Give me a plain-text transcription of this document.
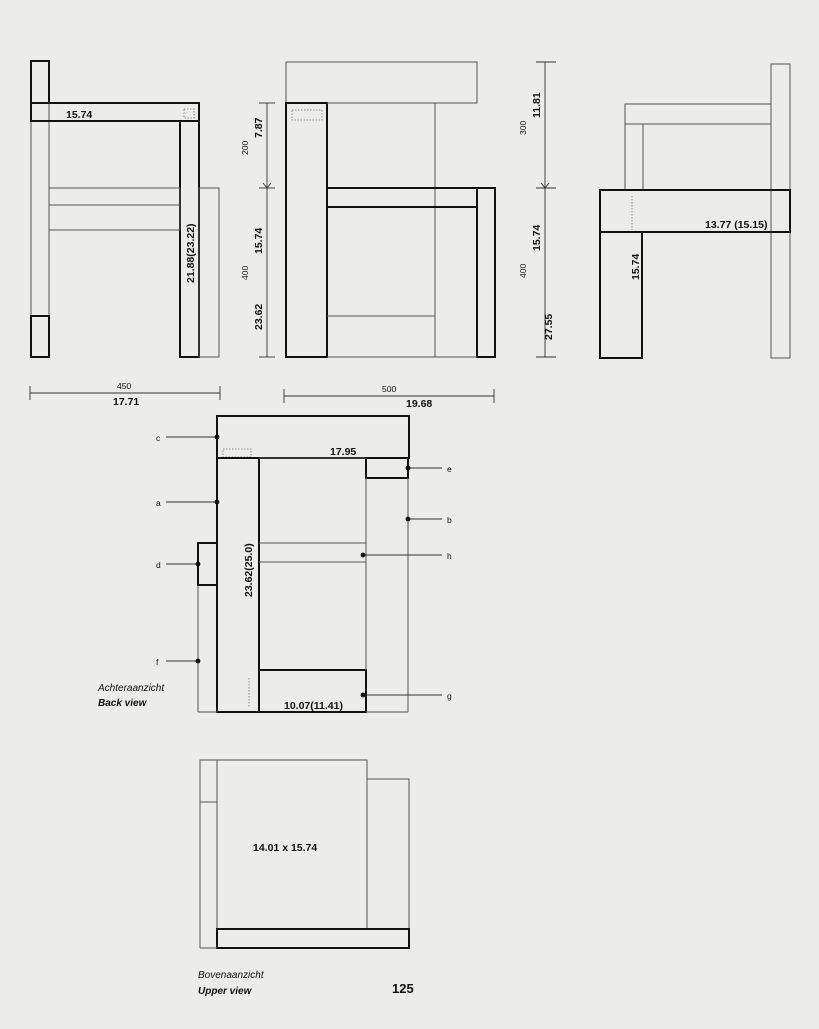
15.74
21.88(23.22)
450
17.71
200
7.87
400
15.74
23.62
500
19.68
300
11.81
400
15.74
27.55
13.77 (15.15)
15.74
17.95
23.62(25.0)
10.07(11.41)
c
a
d
f
e
b
h
g
Achteraanzicht
Back view
14.01 x 15.74
Bovenaanzicht
Upper view	125
